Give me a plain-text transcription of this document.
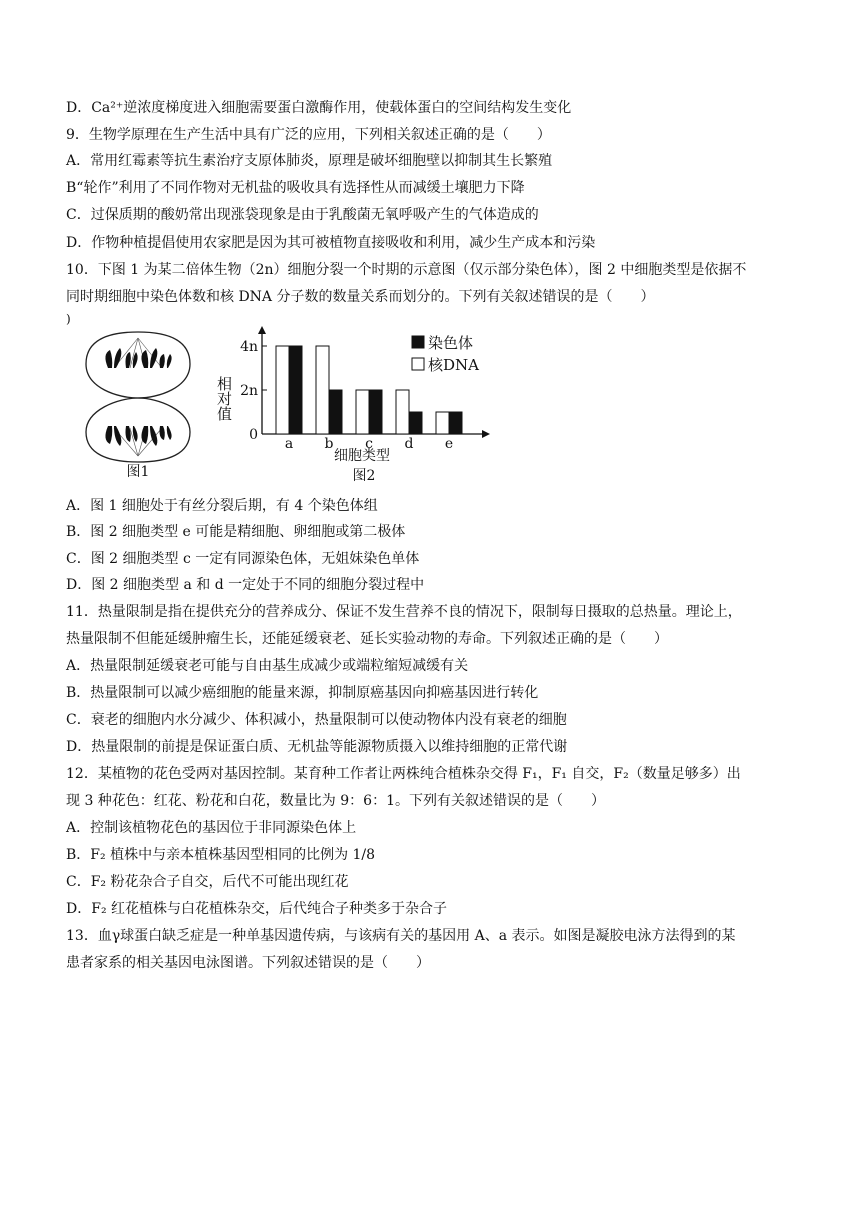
D．Ca²⁺逆浓度梯度进入细胞需要蛋白激酶作用，使载体蛋白的空间结构发生变化
9．生物学原理在生产生活中具有广泛的应用，下列相关叙述正确的是（　　）
A．常用红霉素等抗生素治疗支原体肺炎，原理是破坏细胞壁以抑制其生长繁殖
B“轮作”利用了不同作物对无机盐的吸收具有选择性从而减缓土壤肥力下降
C．过保质期的酸奶常出现涨袋现象是由于乳酸菌无氧呼吸产生的气体造成的
D．作物种植提倡使用农家肥是因为其可被植物直接吸收和利用，减少生产成本和污染
10．下图 1 为某二倍体生物（2n）细胞分裂一个时期的示意图（仅示部分染色体），图 2 中细胞类型是依据不
同时期细胞中染色体数和核 DNA 分子数的数量关系而划分的。下列有关叙述错误的是（　　）
)
图1
相对值
0
2n
4n
a b c d e
染色体
核DNA
细胞类型
图2
A．图 1 细胞处于有丝分裂后期，有 4 个染色体组
B．图 2 细胞类型 e 可能是精细胞、卵细胞或第二极体
C．图 2 细胞类型 c 一定有同源染色体，无姐妹染色单体
D．图 2 细胞类型 a 和 d 一定处于不同的细胞分裂过程中
11．热量限制是指在提供充分的营养成分、保证不发生营养不良的情况下，限制每日摄取的总热量。理论上，
热量限制不但能延缓肿瘤生长，还能延缓衰老、延长实验动物的寿命。下列叙述正确的是（　　）
A．热量限制延缓衰老可能与自由基生成减少或端粒缩短减缓有关
B．热量限制可以减少癌细胞的能量来源，抑制原癌基因向抑癌基因进行转化
C．衰老的细胞内水分减少、体积减小，热量限制可以使动物体内没有衰老的细胞
D．热量限制的前提是保证蛋白质、无机盐等能源物质摄入以维持细胞的正常代谢
12．某植物的花色受两对基因控制。某育种工作者让两株纯合植株杂交得 F₁，F₁ 自交，F₂（数量足够多）出
现 3 种花色：红花、粉花和白花，数量比为 9：6：1。下列有关叙述错误的是（　　）
A．控制该植物花色的基因位于非同源染色体上
B．F₂ 植株中与亲本植株基因型相同的比例为 1/8
C．F₂ 粉花杂合子自交，后代不可能出现红花
D．F₂ 红花植株与白花植株杂交，后代纯合子种类多于杂合子
13．血γ球蛋白缺乏症是一种单基因遗传病，与该病有关的基因用 A、a 表示。如图是凝胶电泳方法得到的某
患者家系的相关基因电泳图谱。下列叙述错误的是（　　）
